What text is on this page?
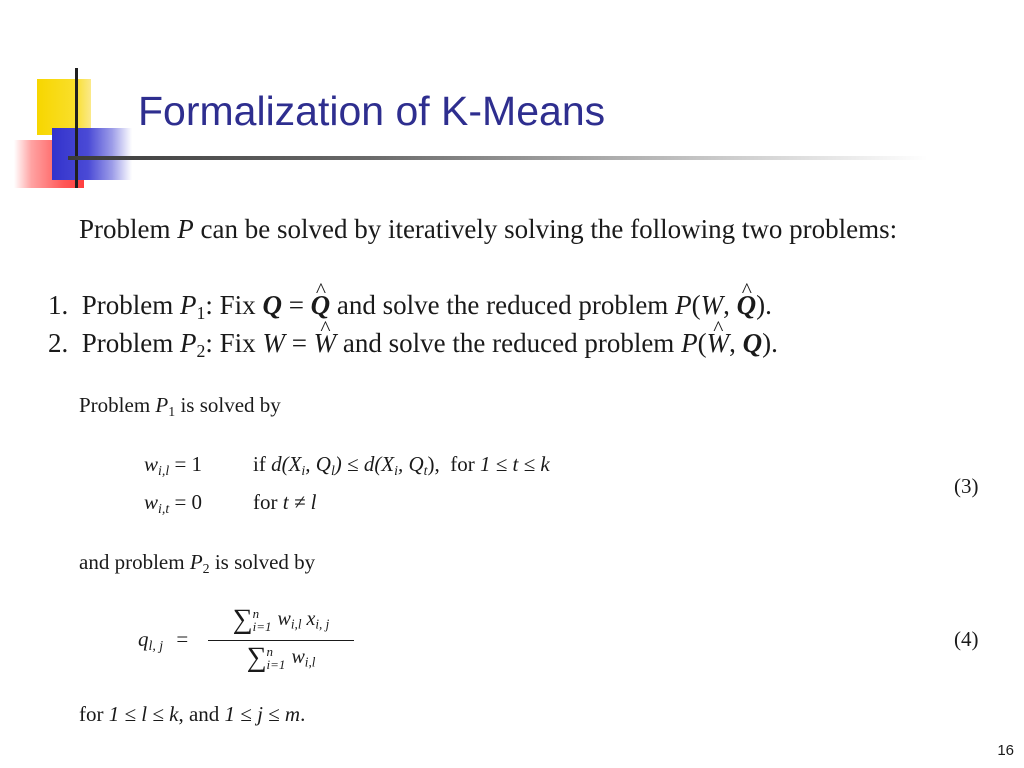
Formalization of K-Means
Problem P can be solved by iteratively solving the following two problems:
1. Problem $P_1$: Fix Q = ^ Q and solve the reduced problem P(W, ^ Q).
2. Problem $P_2$: Fix W = ^ W and solve the reduced problem P(^ W, Q).
Problem $P_1$ is solved by
$w_{i,l} = 1$ if $d(X_i$, $Q_l) \le d(X_i$, $Q_t$), for 1 ≤ t ≤ k
$w_{i,t} = 0$ for t ≠ l
(3)
and problem $P_2$ is solved by
$q_{l, j}$ =
∑n
i=1 $w_{i,l}$ $x_{i, j}$
∑n
i=1 $w_{i,l}$
(4)
for 1 ≤ l ≤ k, and 1 ≤ j ≤ m.
16
